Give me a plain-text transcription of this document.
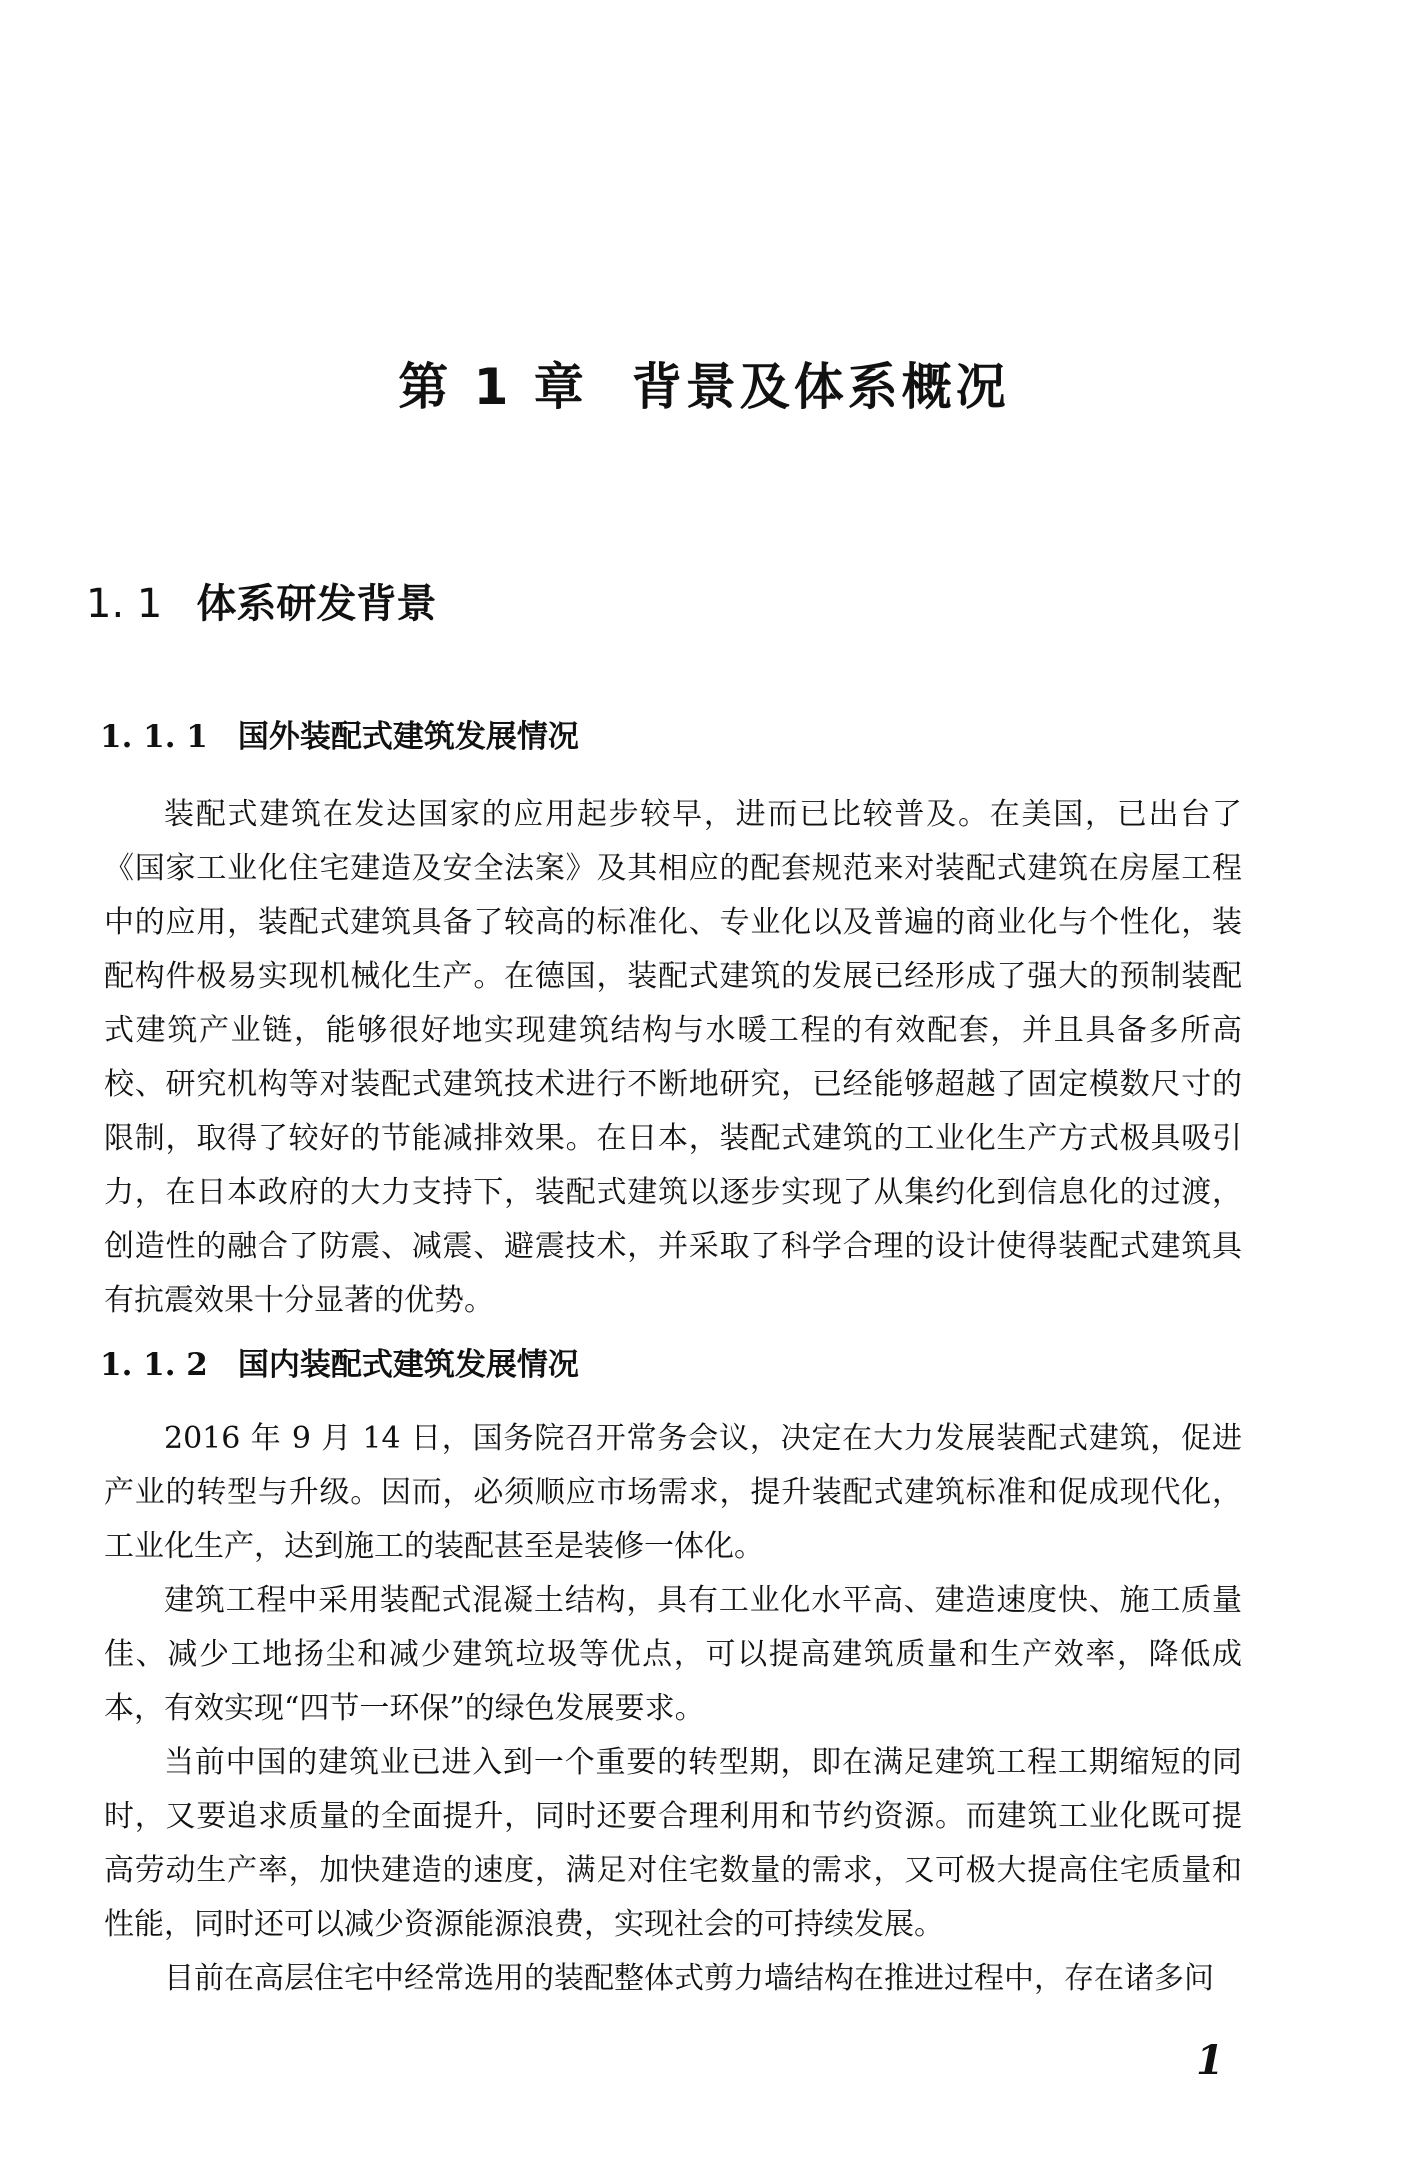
第 1 章 背景及体系概况
1. 1 体系研发背景
1. 1. 1 国外装配式建筑发展情况

装配式建筑在发达国家的应用起步较早，进而已比较普及。在美国，已出台了《国家工业化住宅建造及安全法案》及其相应的配套规范来对装配式建筑在房屋工程中的应用，装配式建筑具备了较高的标准化、专业化以及普遍的商业化与个性化，装配构件极易实现机械化生产。在德国，装配式建筑的发展已经形成了强大的预制装配式建筑产业链，能够很好地实现建筑结构与水暖工程的有效配套，并且具备多所高校、研究机构等对装配式建筑技术进行不断地研究，已经能够超越了固定模数尺寸的限制，取得了较好的节能减排效果。在日本，装配式建筑的工业化生产方式极具吸引力，在日本政府的大力支持下，装配式建筑以逐步实现了从集约化到信息化的过渡，创造性的融合了防震、减震、避震技术，并采取了科学合理的设计使得装配式建筑具有抗震效果十分显著的优势。

1. 1. 2 国内装配式建筑发展情况

2016 年 9 月 14 日，国务院召开常务会议，决定在大力发展装配式建筑，促进产业的转型与升级。因而，必须顺应市场需求，提升装配式建筑标准和促成现代化，工业化生产，达到施工的装配甚至是装修一体化。

建筑工程中采用装配式混凝土结构，具有工业化水平高、建造速度快、施工质量佳、减少工地扬尘和减少建筑垃圾等优点，可以提高建筑质量和生产效率，降低成本，有效实现“四节一环保”的绿色发展要求。

当前中国的建筑业已进入到一个重要的转型期，即在满足建筑工程工期缩短的同时，又要追求质量的全面提升，同时还要合理利用和节约资源。而建筑工业化既可提高劳动生产率，加快建造的速度，满足对住宅数量的需求，又可极大提高住宅质量和性能，同时还可以减少资源能源浪费，实现社会的可持续发展。

目前在高层住宅中经常选用的装配整体式剪力墙结构在推进过程中，存在诸多问

1
